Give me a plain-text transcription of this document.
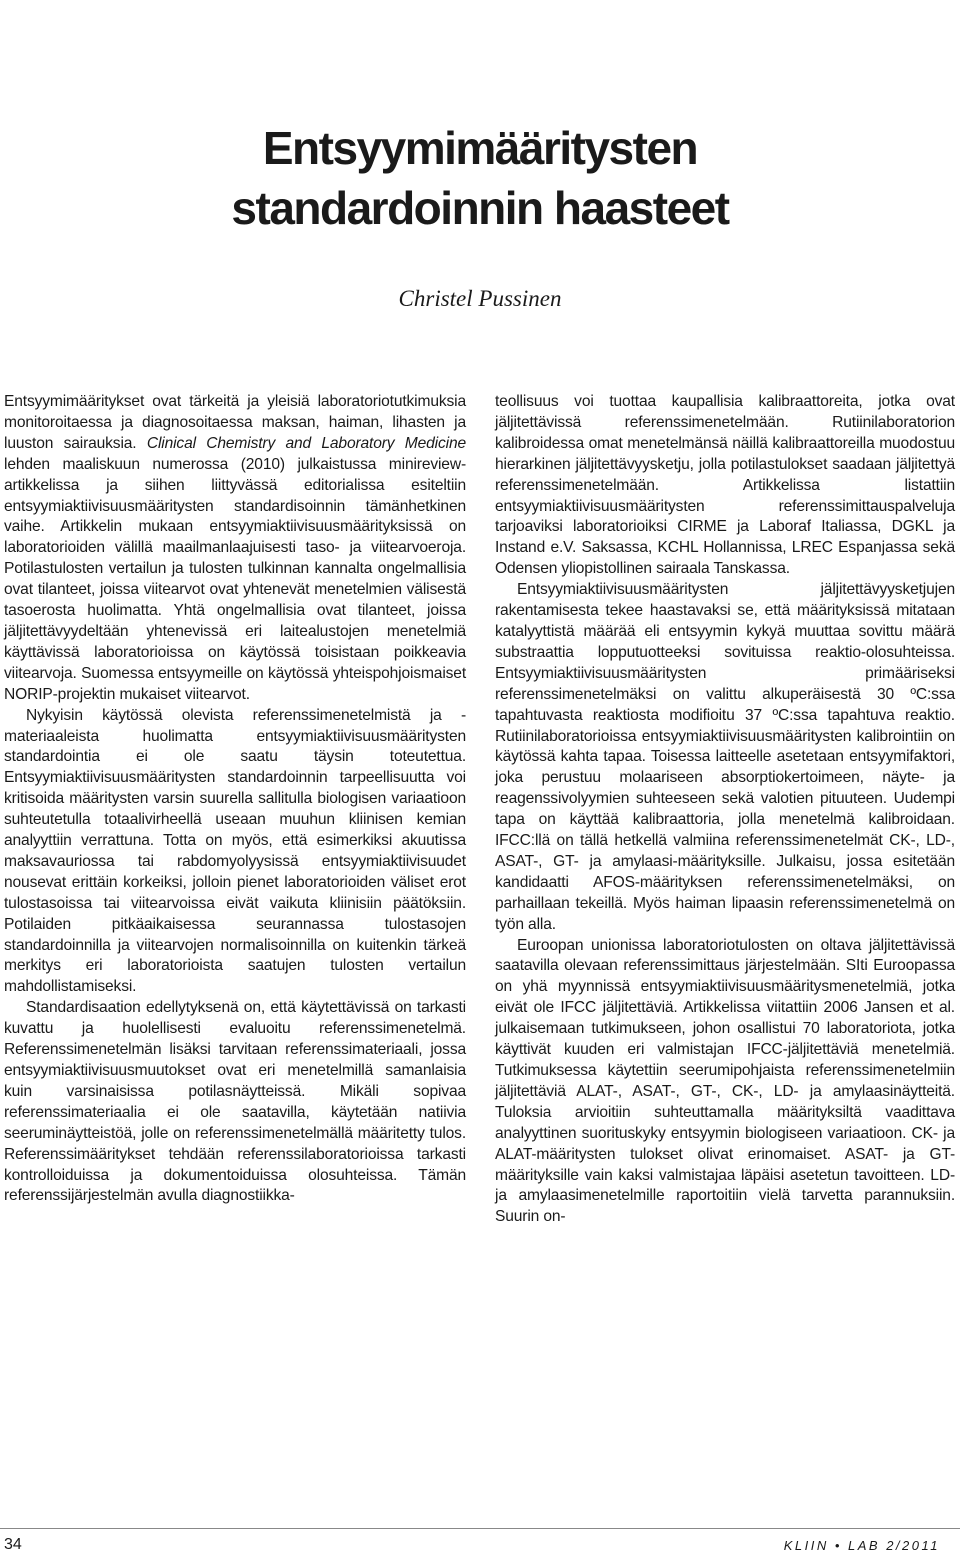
Entsyymimääritysten
standardoinnin haasteet

Christel Pussinen

Entsyymimääritykset ovat tärkeitä ja yleisiä laboratoriotutkimuksia monitoroitaessa ja diagnosoitaessa maksan, haiman, lihasten ja luuston sairauksia. Clinical Chemistry and Laboratory Medicine lehden maaliskuun numerossa (2010) julkaistussa minireview-artikkelissa ja siihen liittyvässä editorialissa esiteltiin entsyymiaktiivisuusmääritysten standardisoinnin tämänhetkinen vaihe. Artikkelin mukaan entsyymiaktiivisuusmäärityksissä on laboratorioiden välillä maailmanlaajuisesti taso- ja viitearvoeroja. Potilastulosten vertailun ja tulosten tulkinnan kannalta ongelmallisia ovat tilanteet, joissa viitearvot ovat yhtenevät menetelmien välisestä tasoerosta huolimatta. Yhtä ongelmallisia ovat tilanteet, joissa jäljitettävyydeltään yhtenevissä eri laitealustojen menetelmiä käyttävissä laboratorioissa on käytössä toisistaan poikkeavia viitearvoja. Suomessa entsyymeille on käytössä yhteispohjoismaiset NORIP-projektin mukaiset viitearvot.

Nykyisin käytössä olevista referenssimenetelmistä ja -materiaaleista huolimatta entsyymiaktiivisuusmääritysten standardointia ei ole saatu täysin toteutettua. Entsyymiaktiivisuusmääritysten standardoinnin tarpeellisuutta voi kritisoida määritysten varsin suurella sallitulla biologisen variaatioon suhteutetulla totaalivirheellä useaan muuhun kliinisen kemian analyyttiin verrattuna. Totta on myös, että esimerkiksi akuutissa maksavauriossa tai rabdomyolyysissä entsyymiaktiivisuudet nousevat erittäin korkeiksi, jolloin pienet laboratorioiden väliset erot tulostasoissa tai viitearvoissa eivät vaikuta kliinisiin päätöksiin. Potilaiden pitkäaikaisessa seurannassa tulostasojen standardoinnilla ja viitearvojen normalisoinnilla on kuitenkin tärkeä merkitys eri laboratorioista saatujen tulosten vertailun mahdollistamiseksi.

Standardisaation edellytyksenä on, että käytettävissä on tarkasti kuvattu ja huolellisesti evaluoitu referenssimenetelmä. Referenssimenetelmän lisäksi tarvitaan referenssimateriaali, jossa entsyymiaktiivisuusmuutokset ovat eri menetelmillä samanlaisia kuin varsinaisissa potilasnäytteissä. Mikäli sopivaa referenssimateriaalia ei ole saatavilla, käytetään natiivia seeruminäytteistöä, jolle on referenssimenetelmällä määritetty tulos. Referenssimääritykset tehdään referenssilaboratorioissa tarkasti kontrolloiduissa ja dokumentoiduissa olosuhteissa. Tämän referenssijärjestelmän avulla diagnostiikka-

teollisuus voi tuottaa kaupallisia kalibraattoreita, jotka ovat jäljitettävissä referenssimenetelmään. Rutiinilaboratorion kalibroidessa omat menetelmänsä näillä kalibraattoreilla muodostuu hierarkinen jäljitettävyysketju, jolla potilastulokset saadaan jäljitettyä referenssimenetelmään. Artikkelissa listattiin entsyymiaktiivisuusmääritysten referenssimittauspalveluja tarjoaviksi laboratorioiksi CIRME ja Laboraf Italiassa, DGKL ja Instand e.V. Saksassa, KCHL Hollannissa, LREC Espanjassa sekä Odensen yliopistollinen sairaala Tanskassa.

Entsyymiaktiivisuusmääritysten jäljitettävyysketjujen rakentamisesta tekee haastavaksi se, että määrityksissä mitataan katalyyttistä määrää eli entsyymin kykyä muuttaa sovittu määrä substraattia lopputuotteeksi sovituissa reaktio-olosuhteissa. Entsyymiaktiivisuusmääritysten primääriseksi referenssimenetelmäksi on valittu alkuperäisestä 30 ºC:ssa tapahtuvasta reaktiosta modifioitu 37 ºC:ssa tapahtuva reaktio. Rutiinilaboratorioissa entsyymiaktiivisuusmääritysten kalibrointiin on käytössä kahta tapaa. Toisessa laitteelle asetetaan entsyymifaktori, joka perustuu molaariseen absorptiokertoimeen, näyte- ja reagenssivolyymien suhteeseen sekä valotien pituuteen. Uudempi tapa on käyttää kalibraattoria, jolla menetelmä kalibroidaan. IFCC:llä on tällä hetkellä valmiina referenssimenetelmät CK-, LD-, ASAT-, GT- ja amylaasi-määrityksille. Julkaisu, jossa esitetään kandidaatti AFOS-määrityksen referenssimenetelmäksi, on parhaillaan tekeillä. Myös haiman lipaasin referenssimenetelmä on työn alla.

Euroopan unionissa laboratoriotulosten on oltava jäljitettävissä saatavilla olevaan referenssimittaus järjestelmään. SIti Euroopassa on yhä myynnissä entsyymiaktiivisuusmääritysmenetelmiä, jotka eivät ole IFCC jäljitettäviä. Artikkelissa viitattiin 2006 Jansen et al. julkaisemaan tutkimukseen, johon osallistui 70 laboratoriota, jotka käyttivät kuuden eri valmistajan IFCC-jäljitettäviä menetelmiä. Tutkimuksessa käytettiin seerumipohjaista referenssimenetelmiin jäljitettäviä ALAT-, ASAT-, GT-, CK-, LD- ja amylaasinäytteitä. Tuloksia arvioitiin suhteuttamalla määrityksiltä vaadittava analyyttinen suorituskyky entsyymin biologiseen variaatioon. CK- ja ALAT-määritysten tulokset olivat erinomaiset. ASAT- ja GT- määrityksille vain kaksi valmistajaa läpäisi asetetun tavoitteen. LD- ja amylaasimenetelmille raportoitiin vielä tarvetta parannuksiin. Suurin on-

34	KLIIN • LAB 2/2011
